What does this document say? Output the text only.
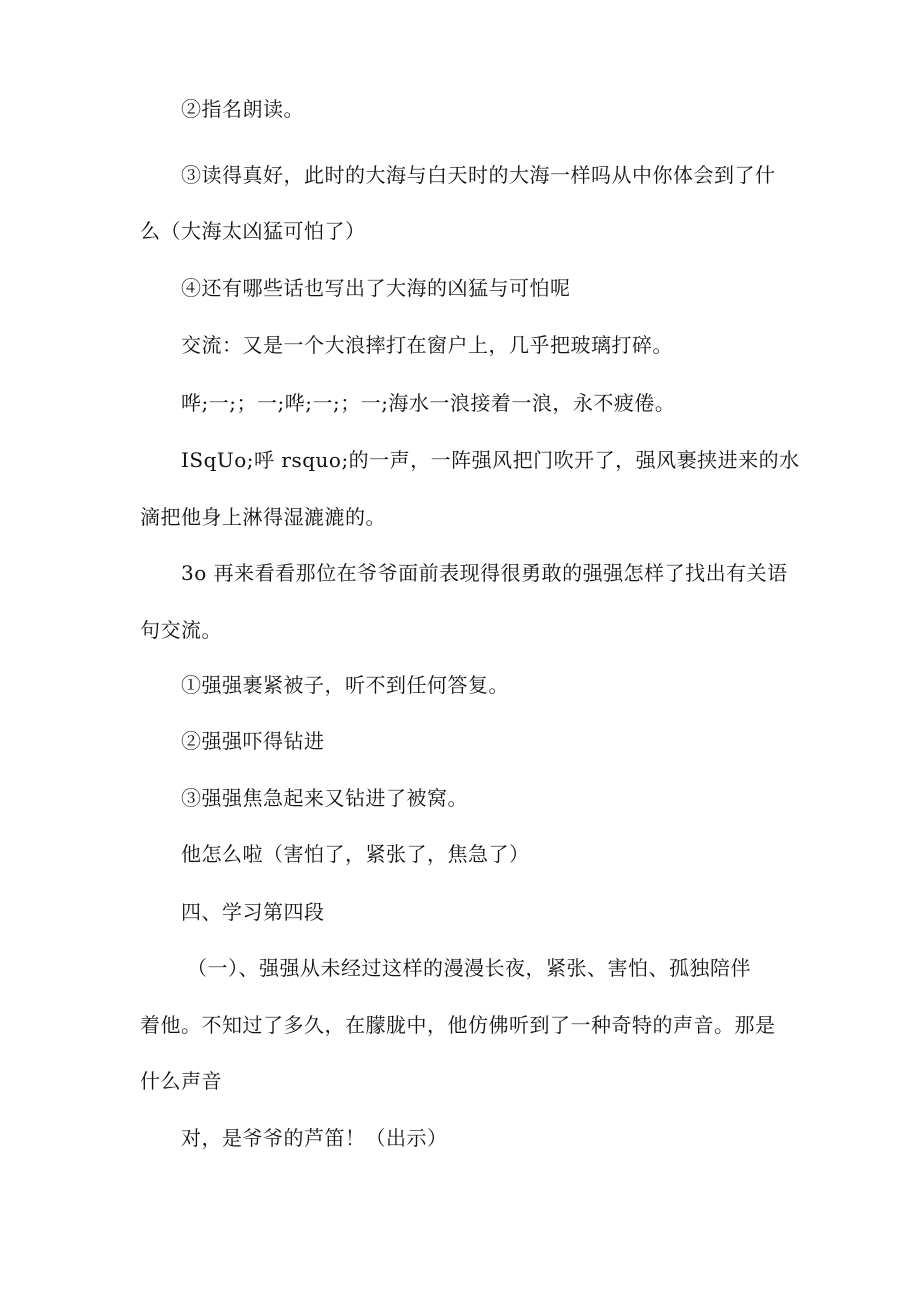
②指名朗读。
③读得真好，此时的大海与白天时的大海一样吗从中你体会到了什
么（大海太凶猛可怕了）
④还有哪些话也写出了大海的凶猛与可怕呢
交流：又是一个大浪摔打在窗户上，几乎把玻璃打碎。
哗;一;；一;哗;一;；一;海水一浪接着一浪，永不疲倦。
ISqUo;呼 rsquo;的一声，一阵强风把门吹开了，强风裹挟进来的水
滴把他身上淋得湿漉漉的。
3o 再来看看那位在爷爷面前表现得很勇敢的强强怎样了找出有关语
句交流。
①强强裹紧被子，听不到任何答复。
②强强吓得钻进
③强强焦急起来又钻进了被窝。
他怎么啦（害怕了，紧张了，焦急了）
四、学习第四段
（一）、强强从未经过这样的漫漫长夜，紧张、害怕、孤独陪伴
着他。不知过了多久，在朦胧中，他仿佛听到了一种奇特的声音。那是
什么声音
对，是爷爷的芦笛！（出示）
